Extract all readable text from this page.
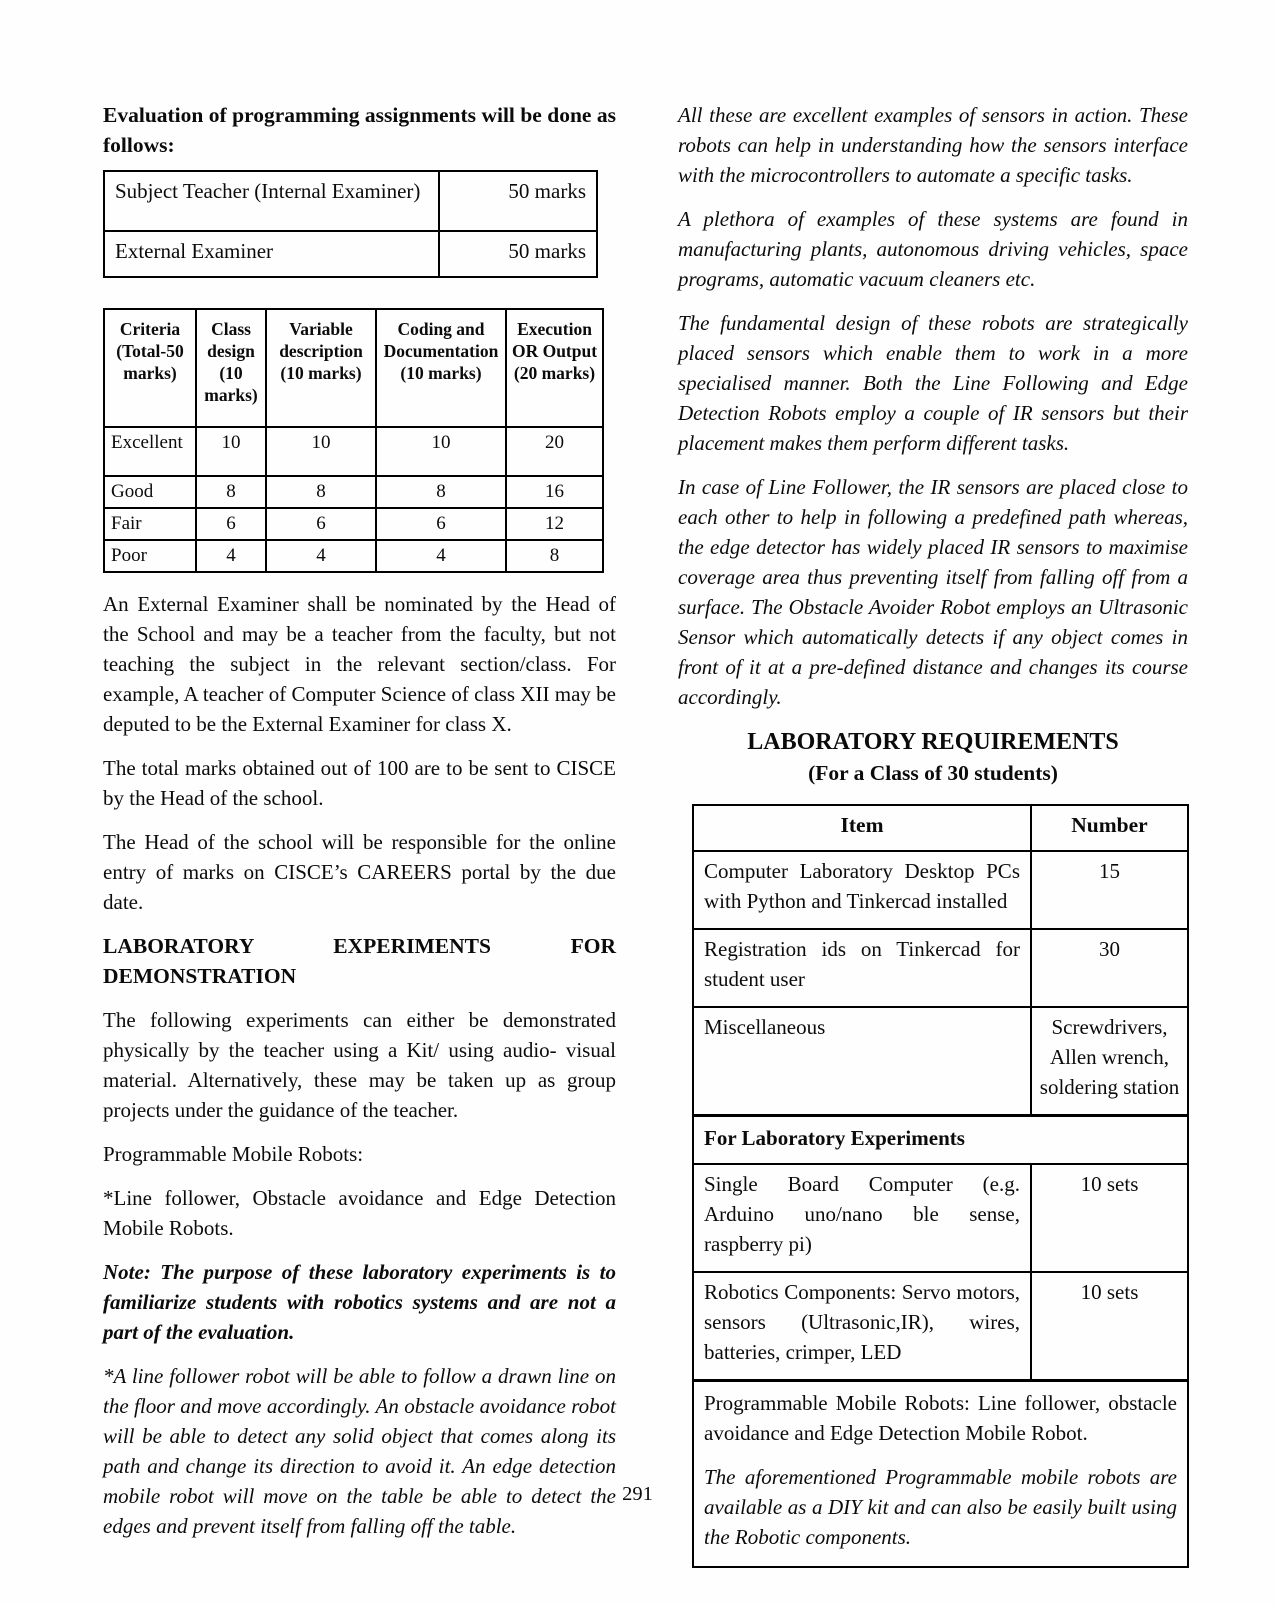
Evaluation of programming assignments will be done as follows:
Subject Teacher (Internal Examiner)	50 marks
External Examiner	50 marks
Criteria (Total-50 marks)	Class design (10 marks)	Variable description (10 marks)	Coding and Documentation (10 marks)	Execution OR Output (20 marks)
Excellent	10	10	10	20
Good	8	8	8	16
Fair	6	6	6	12
Poor	4	4	4	8

An External Examiner shall be nominated by the Head of the School and may be a teacher from the faculty, but not teaching the subject in the relevant section/class. For example, A teacher of Computer Science of class XII may be deputed to be the External Examiner for class X.

The total marks obtained out of 100 are to be sent to CISCE by the Head of the school.

The Head of the school will be responsible for the online entry of marks on CISCE’s CAREERS portal by the due date.

LABORATORY EXPERIMENTS FOR DEMONSTRATION

The following experiments can either be demonstrated physically by the teacher using a Kit/ using audio- visual material. Alternatively, these may be taken up as group projects under the guidance of the teacher.

Programmable Mobile Robots:

*Line follower, Obstacle avoidance and Edge Detection Mobile Robots.

Note: The purpose of these laboratory experiments is to familiarize students with robotics systems and are not a part of the evaluation.

*A line follower robot will be able to follow a drawn line on the floor and move accordingly. An obstacle avoidance robot will be able to detect any solid object that comes along its path and change its direction to avoid it. An edge detection mobile robot will move on the table be able to detect the edges and prevent itself from falling off the table.

All these are excellent examples of sensors in action. These robots can help in understanding how the sensors interface with the microcontrollers to automate a specific tasks.

A plethora of examples of these systems are found in manufacturing plants, autonomous driving vehicles, space programs, automatic vacuum cleaners etc.

The fundamental design of these robots are strategically placed sensors which enable them to work in a more specialised manner. Both the Line Following and Edge Detection Robots employ a couple of IR sensors but their placement makes them perform different tasks.

In case of Line Follower, the IR sensors are placed close to each other to help in following a predefined path whereas, the edge detector has widely placed IR sensors to maximise coverage area thus preventing itself from falling off from a surface. The Obstacle Avoider Robot employs an Ultrasonic Sensor which automatically detects if any object comes in front of it at a pre-defined distance and changes its course accordingly.

LABORATORY REQUIREMENTS
(For a Class of 30 students)
Item	Number
Computer Laboratory Desktop PCs with Python and Tinkercad installed	15
Registration ids on Tinkercad for student user	30
Miscellaneous	Screwdrivers, Allen wrench, soldering station
For Laboratory Experiments	
Single Board Computer (e.g. Arduino uno/nano ble sense, raspberry pi)	10 sets
Robotics Components: Servo motors, sensors (Ultrasonic,IR), wires, batteries, crimper, LED	10 sets

Programmable Mobile Robots: Line follower, obstacle avoidance and Edge Detection Mobile Robot.

The aforementioned Programmable mobile robots are available as a DIY kit and can also be easily built using the Robotic components.	

291
